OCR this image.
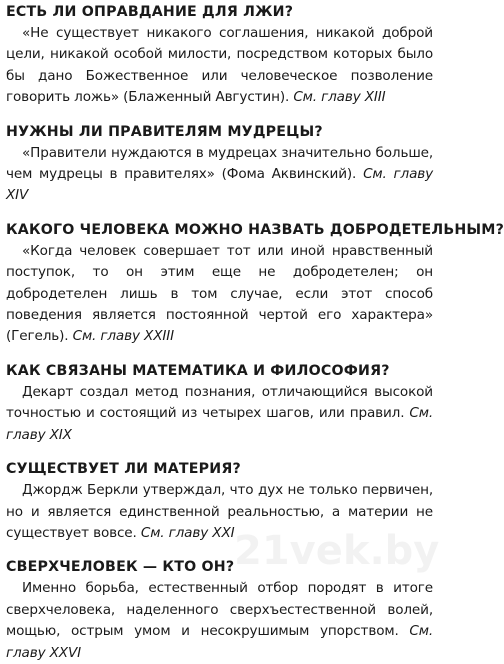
ЕСТЬ ЛИ ОПРАВДАНИЕ ДЛЯ ЛЖИ?

«Не существует никакого соглашения, никакой доброй цели, никакой особой милости, посредством которых было бы дано Божественное или человеческое позволение говорить ложь» (Блаженный Августин). См. главу XIII

НУЖНЫ ЛИ ПРАВИТЕЛЯМ МУДРЕЦЫ?

«Правители нуждаются в мудрецах значительно больше, чем мудрецы в правителях» (Фома Аквинский). См. главу XIV

КАКОГО ЧЕЛОВЕКА МОЖНО НАЗВАТЬ ДОБРОДЕТЕЛЬНЫМ?

«Когда человек совершает тот или иной нравственный поступок, то он этим еще не добродетелен; он добродетелен лишь в том случае, если этот способ поведения является постоянной чертой его характера» (Гегель). См. главу XXIII

КАК СВЯЗАНЫ МАТЕМАТИКА И ФИЛОСОФИЯ?

Декарт создал метод познания, отличающийся высокой точностью и состоящий из четырех шагов, или правил. См. главу XIX

СУЩЕСТВУЕТ ЛИ МАТЕРИЯ?

Джордж Беркли утверждал, что дух не только первичен, но и является единственной реальностью, а материи не существует вовсе. См. главу XXI

СВЕРХЧЕЛОВЕК — КТО ОН?

Именно борьба, естественный отбор породят в итоге сверхчеловека, наделенного сверхъестественной волей, мощью, острым умом и несокрушимым упорством. См. главу XXVI

21vek.by
